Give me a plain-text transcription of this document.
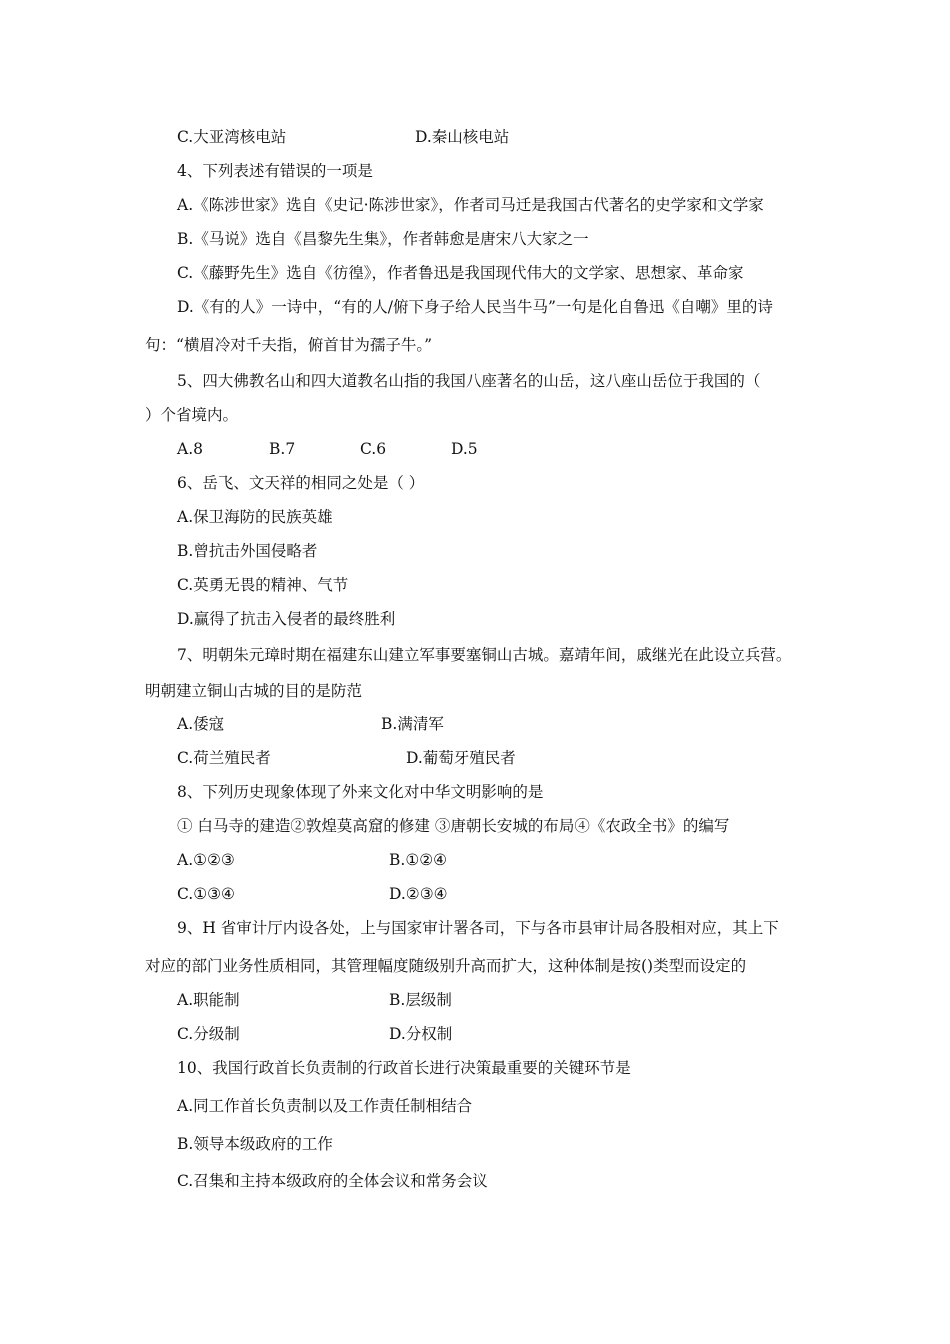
C.大亚湾核电站	D.秦山核电站
4、下列表述有错误的一项是
A.《陈涉世家》选自《史记·陈涉世家》，作者司马迁是我国古代著名的史学家和文学家
B.《马说》选自《昌黎先生集》，作者韩愈是唐宋八大家之一
C.《藤野先生》选自《彷徨》，作者鲁迅是我国现代伟大的文学家、思想家、革命家
D.《有的人》一诗中，“有的人/俯下身子给人民当牛马”一句是化自鲁迅《自嘲》里的诗
句：“横眉冷对千夫指，俯首甘为孺子牛。”
5、四大佛教名山和四大道教名山指的我国八座著名的山岳，这八座山岳位于我国的（
）个省境内。
A.8	B.7	C.6	D.5
6、岳飞、文天祥的相同之处是（ ）
A.保卫海防的民族英雄
B.曾抗击外国侵略者
C.英勇无畏的精神、气节
D.赢得了抗击入侵者的最终胜利
7、明朝朱元璋时期在福建东山建立军事要塞铜山古城。嘉靖年间，戚继光在此设立兵营。
明朝建立铜山古城的目的是防范
A.倭寇	B.满清军
C.荷兰殖民者	D.葡萄牙殖民者
8、下列历史现象体现了外来文化对中华文明影响的是
① 白马寺的建造②敦煌莫高窟的修建 ③唐朝长安城的布局④《农政全书》的编写
A.①②③	B.①②④
C.①③④	D.②③④
9、H 省审计厅内设各处，上与国家审计署各司，下与各市县审计局各股相对应，其上下
对应的部门业务性质相同，其管理幅度随级别升高而扩大，这种体制是按()类型而设定的
A.职能制	B.层级制
C.分级制	D.分权制
10、我国行政首长负责制的行政首长进行决策最重要的关键环节是
A.同工作首长负责制以及工作责任制相结合
B.领导本级政府的工作
C.召集和主持本级政府的全体会议和常务会议
